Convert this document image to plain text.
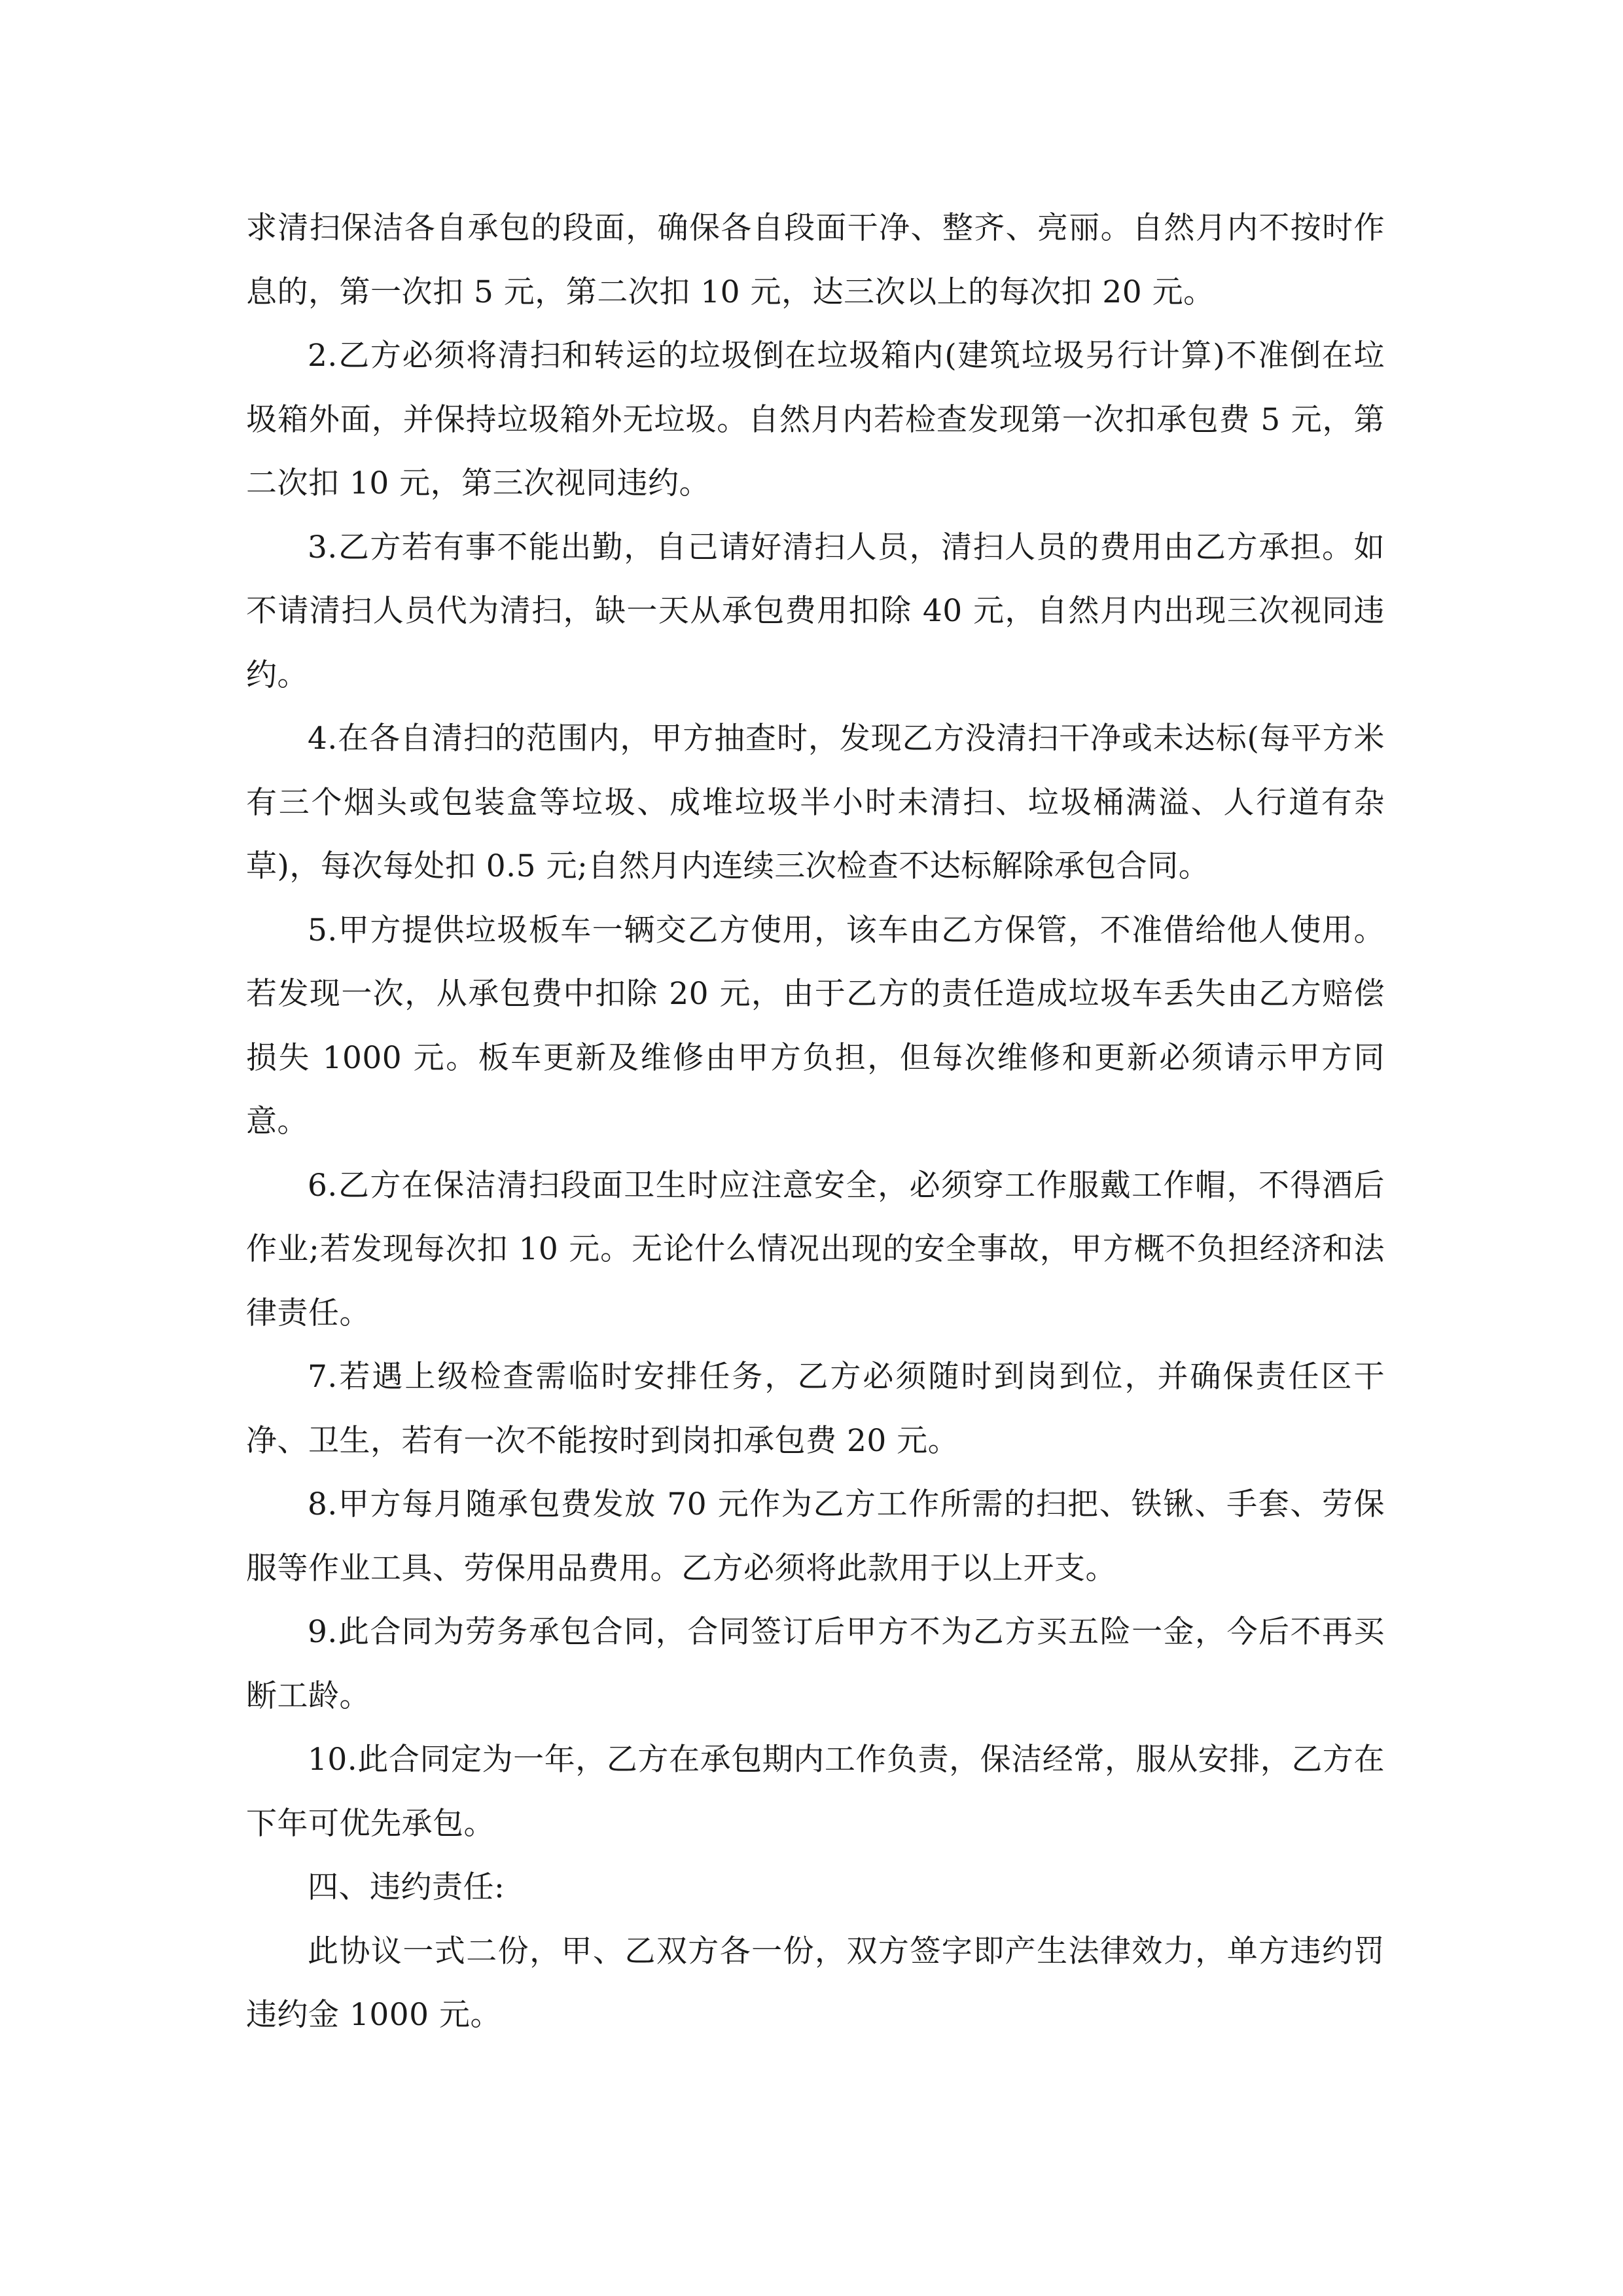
求清扫保洁各自承包的段面，确保各自段面干净、整齐、亮丽。自然月内不按时作息的，第一次扣 5 元，第二次扣 10 元，达三次以上的每次扣 20 元。

2.乙方必须将清扫和转运的垃圾倒在垃圾箱内(建筑垃圾另行计算)不准倒在垃圾箱外面，并保持垃圾箱外无垃圾。自然月内若检查发现第一次扣承包费 5 元，第二次扣 10 元，第三次视同违约。

3.乙方若有事不能出勤，自己请好清扫人员，清扫人员的费用由乙方承担。如不请清扫人员代为清扫，缺一天从承包费用扣除 40 元，自然月内出现三次视同违约。

4.在各自清扫的范围内，甲方抽查时，发现乙方没清扫干净或未达标(每平方米有三个烟头或包装盒等垃圾、成堆垃圾半小时未清扫、垃圾桶满溢、人行道有杂草)，每次每处扣 0.5 元;自然月内连续三次检查不达标解除承包合同。

5.甲方提供垃圾板车一辆交乙方使用，该车由乙方保管，不准借给他人使用。若发现一次，从承包费中扣除 20 元，由于乙方的责任造成垃圾车丢失由乙方赔偿损失 1000 元。板车更新及维修由甲方负担，但每次维修和更新必须请示甲方同意。

6.乙方在保洁清扫段面卫生时应注意安全，必须穿工作服戴工作帽，不得酒后作业;若发现每次扣 10 元。无论什么情况出现的安全事故，甲方概不负担经济和法律责任。

7.若遇上级检查需临时安排任务，乙方必须随时到岗到位，并确保责任区干净、卫生，若有一次不能按时到岗扣承包费 20 元。

8.甲方每月随承包费发放 70 元作为乙方工作所需的扫把、铁锹、手套、劳保服等作业工具、劳保用品费用。乙方必须将此款用于以上开支。

9.此合同为劳务承包合同，合同签订后甲方不为乙方买五险一金，今后不再买断工龄。

10.此合同定为一年，乙方在承包期内工作负责，保洁经常，服从安排，乙方在下年可优先承包。

四、违约责任:

此协议一式二份，甲、乙双方各一份，双方签字即产生法律效力，单方违约罚违约金 1000 元。
